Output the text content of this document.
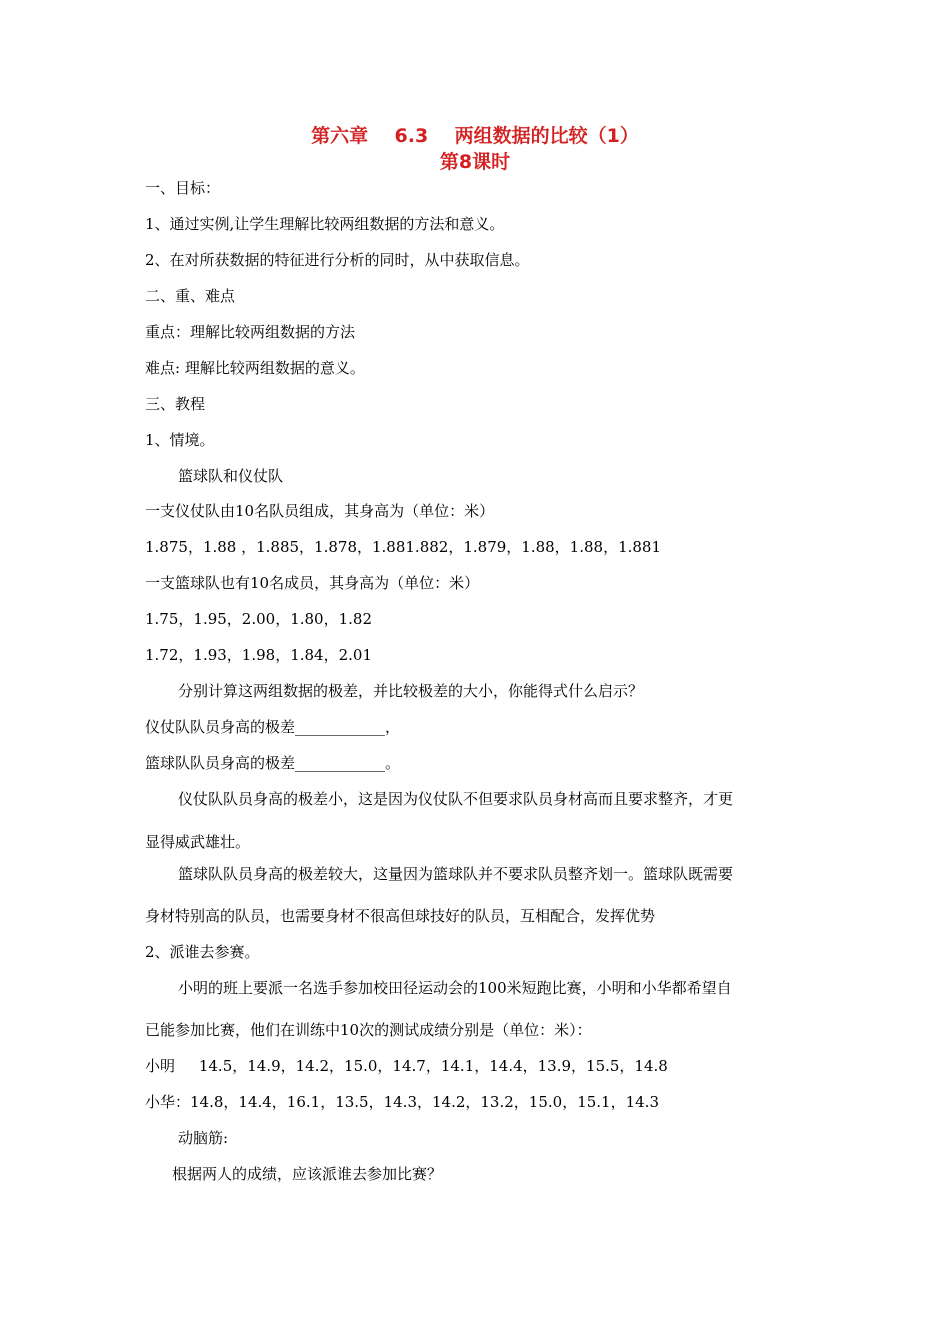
第六章    6.3    两组数据的比较（1）
第8课时
一、目标：
1、通过实例,让学生理解比较两组数据的方法和意义。
2、在对所获数据的特征进行分析的同时，从中获取信息。
二、重、难点
重点：理解比较两组数据的方法
难点: 理解比较两组数据的意义。
三、教程
1、情境。
篮球队和仪仗队
一支仪仗队由10名队员组成，其身高为（单位：米）
1.875，1.88 ，1.885，1.878，1.881.882，1.879，1.88，1.88，1.881
一支篮球队也有10名成员，其身高为（单位：米）
1.75，1.95，2.00，1.80，1.82
1.72，1.93，1.98，1.84，2.01
分别计算这两组数据的极差，并比较极差的大小，你能得式什么启示？
仪仗队队员身高的极差____________，
篮球队队员身高的极差____________。
仪仗队队员身高的极差小，这是因为仪仗队不但要求队员身材高而且要求整齐，才更
显得威武雄壮。
篮球队队员身高的极差较大，这量因为篮球队并不要求队员整齐划一。篮球队既需要
身材特别高的队员，也需要身材不很高但球技好的队员，互相配合，发挥优势
2、派谁去参赛。
小明的班上要派一名选手参加校田径运动会的100米短跑比赛，小明和小华都希望自
已能参加比赛，他们在训练中10次的测试成绩分别是（单位：米）：
小明     14.5，14.9，14.2，15.0，14.7，14.1，14.4，13.9，15.5，14.8
小华：14.8，14.4，16.1，13.5，14.3，14.2，13.2，15.0，15.1，14.3
动脑筋:
根据两人的成绩，应该派谁去参加比赛？
